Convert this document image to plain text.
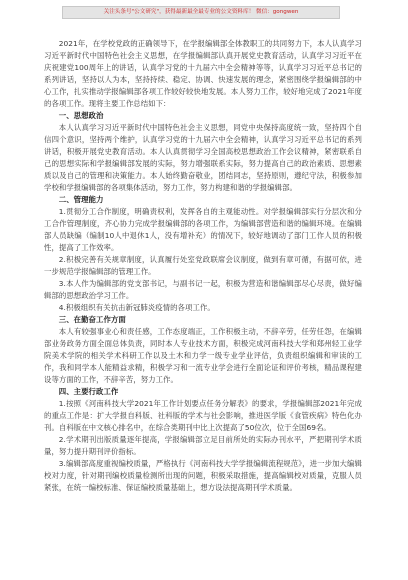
关注头条号"公文研究"，获得最新最全最专业的公文资料库！ 微信：gongwen

2021年，在学校党政的正确领导下，在学报编辑部全体教职工的共同努力下，本人认真学习习近平新时代中国特色社会主义思想，在学报编辑部认真开展党史教育活动，认真学习习近平在庆祝建党100周年上的讲话，认真学习党的十九届六中全会精神等等，认真学习习近平总书记的系列讲话，坚持以人为本，坚持持续、稳定、协调、快速发展的理念，紧密围绕学报编辑部的中心工作，扎实推动学报编辑部各项工作较好较快地发展。本人努力工作，较好地完成了2021年度的各项工作。现将主要工作总结如下：

一、思想政治

本人认真学习习近平新时代中国特色社会主义思想，同党中央保持高度统一致，坚持四个自信四个意识，坚持两个维护，认真学习党的十九届六中全会精神，认真学习习近平总书记的系列讲话，积极开展党史教育活动。本人认真贯彻学习全国高校思想政治工作会议精神，紧密联系自己的思想实际和学报编辑部发展的实际，努力增强联系实际，努力提高自己的政治素质、思想素质以及自己的管理和决策能力。本人始终勤奋敬业，团结同志，坚持原则，遵纪守法，积极参加学校和学报编辑部的各项集体活动，努力工作，努力构建和谐的学报编辑部。

二、管理能力

1.贯彻分工合作制度，明确责权利，发挥各自的主观能动性。对学报编辑部实行分层次和分工合作管理制度，齐心协力完成学报编辑部的各项工作，为编辑部营造和谐的编辑环境。在编辑部人员缺编（编制10人中退休1人，没有增补充）的情况下，较好地调动了部门工作人员的积极性，提高了工作效率。

2.积极完善有关规章制度，认真履行处室党政联席会议制度，做到有章可循，有据可依，进一步规范学报编辑部的管理工作。

3.本人作为编辑部的党支部书记，与副书记一起，积极为营造和谐编辑部尽心尽责，做好编辑部的思想政治学习工作。

4.积极组织有关抗击新冠肺炎疫情的各项工作。

三、在勤奋工作方面

本人有较强事业心和责任感，工作态度端正，工作积极主动，不辞辛劳，任劳任怨，在编辑部业务政务方面全面总体负责，同时本人专业技术方面，积极完成河南科技大学和郑州轻工业学院美术学院的相关学术科研工作以及土木和力学一级专业学业评估，负责组织编辑和审读的工作，我和同学本人能精益求精，积极学习和一流专业学会进行全面论证和评价考核，精品课程建设等方面的工作，不辞辛苦，努力工作。

四、主要行政工作

1.按照《河南科技大学2021年工作计划要点任务分解表》的要求，学报编辑部2021年完成的重点工作是：扩大学报自科版、社科版的学术与社会影响，推进医学版《食管疾病》特色化办刊。自科版在中文核心排名中，在综合类期刊中比上次提高了50位次，位于全国69名。

2.学术期刊出版质量逐年提高，学报编辑部立足目前所处的实际办刊水平，严把期刊学术质量，努力提升期刊评价指标。

3.编辑部高度重视编校质量，严格执行《河南科技大学学报编辑流程规范》，进一步加大编辑校对力度，针对期刊编校质量检测所出现的问题，积极采取措施，提高编辑校对质量，克服人员紧张，在统一编校标准、保证编校质量基础上，想方设法提高期刊学术质量。
